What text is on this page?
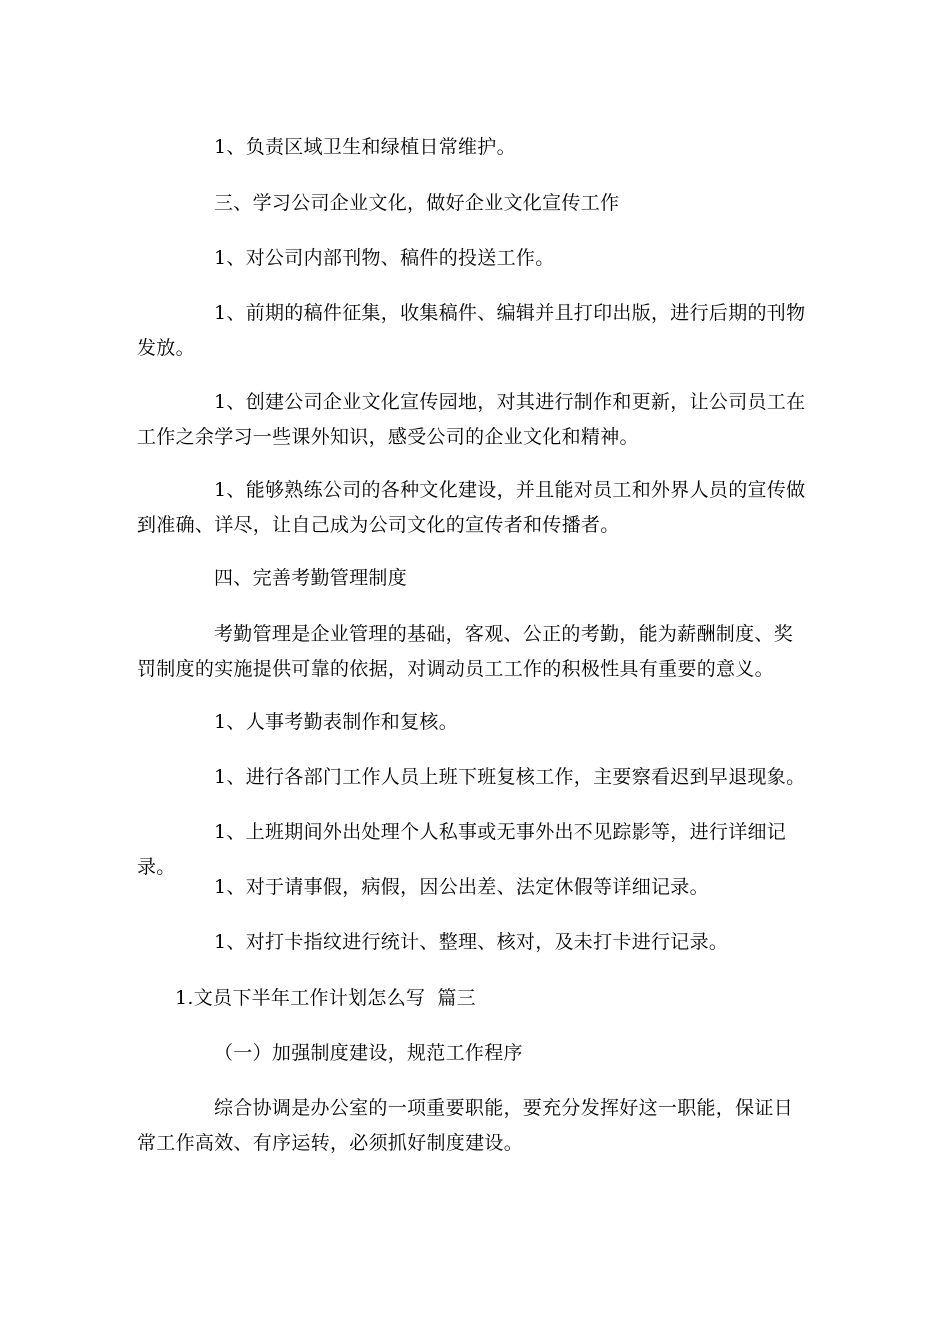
1、负责区域卫生和绿植日常维护。

三、学习公司企业文化，做好企业文化宣传工作

1、对公司内部刊物、稿件的投送工作。

1、前期的稿件征集，收集稿件、编辑并且打印出版，进行后期的刊物发放。

1、创建公司企业文化宣传园地，对其进行制作和更新，让公司员工在工作之余学习一些课外知识，感受公司的企业文化和精神。

1、能够熟练公司的各种文化建设，并且能对员工和外界人员的宣传做到准确、详尽，让自己成为公司文化的宣传者和传播者。

四、完善考勤管理制度

考勤管理是企业管理的基础，客观、公正的考勤，能为薪酬制度、奖罚制度的实施提供可靠的依据，对调动员工工作的积极性具有重要的意义。

1、人事考勤表制作和复核。

1、进行各部门工作人员上班下班复核工作，主要察看迟到早退现象。

1、上班期间外出处理个人私事或无事外出不见踪影等，进行详细记录。

1、对于请事假，病假，因公出差、法定休假等详细记录。

1、对打卡指纹进行统计、整理、核对，及未打卡进行记录。

1.文员下半年工作计划怎么写 篇三

（一）加强制度建设，规范工作程序

综合协调是办公室的一项重要职能，要充分发挥好这一职能，保证日常工作高效、有序运转，必须抓好制度建设。
